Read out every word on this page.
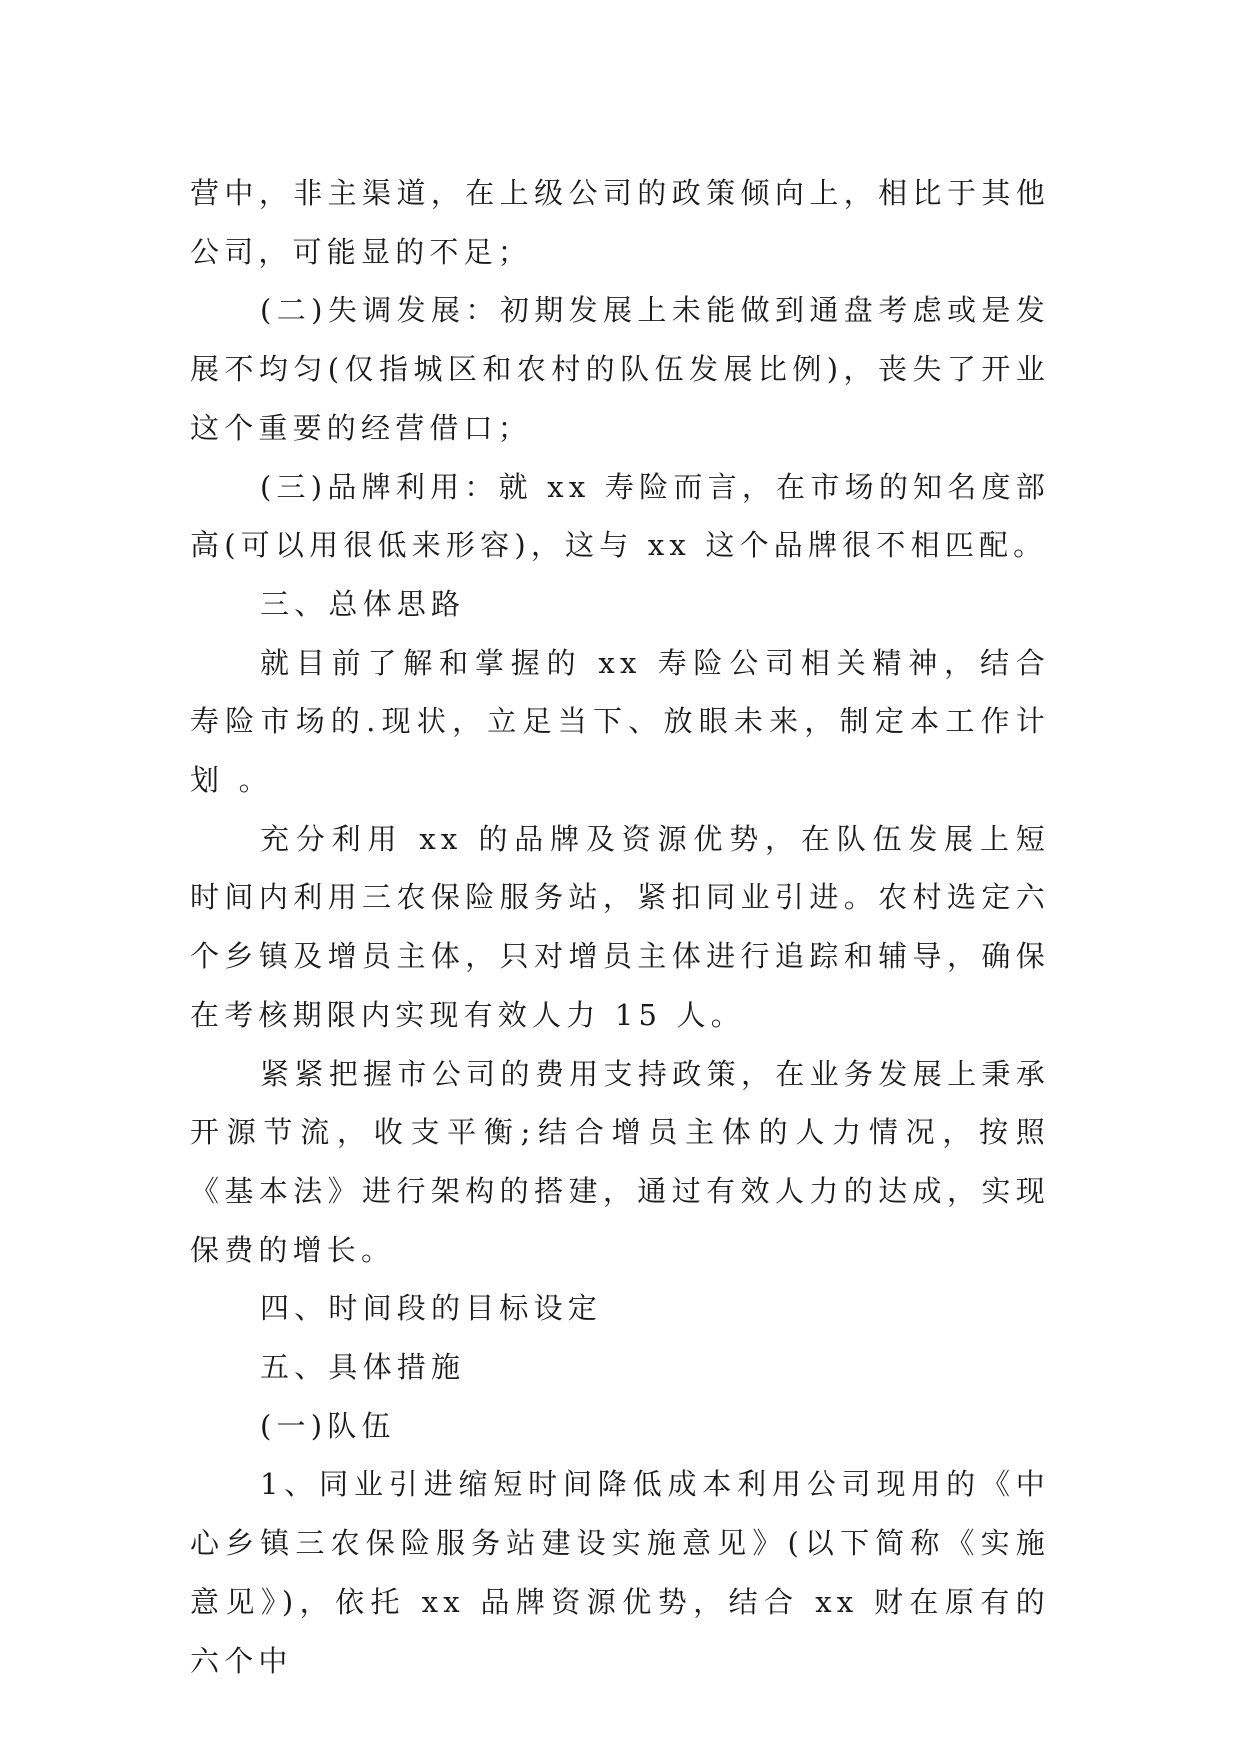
营中，非主渠道，在上级公司的政策倾向上，相比于其他公司，可能显的不足；

(二)失调发展：初期发展上未能做到通盘考虑或是发展不均匀(仅指城区和农村的队伍发展比例)，丧失了开业这个重要的经营借口；

(三)品牌利用：就 xx 寿险而言，在市场的知名度部高(可以用很低来形容)，这与 xx 这个品牌很不相匹配。

三、总体思路

就目前了解和掌握的 xx 寿险公司相关精神，结合寿险市场的.现状，立足当下、放眼未来，制定本工作计划 。

充分利用 xx 的品牌及资源优势，在队伍发展上短时间内利用三农保险服务站，紧扣同业引进。农村选定六个乡镇及增员主体，只对增员主体进行追踪和辅导，确保在考核期限内实现有效人力 15 人。

紧紧把握市公司的费用支持政策，在业务发展上秉承开源节流，收支平衡;结合增员主体的人力情况，按照《基本法》进行架构的搭建，通过有效人力的达成，实现保费的增长。

四、时间段的目标设定

五、具体措施

(一)队伍

1、同业引进缩短时间降低成本利用公司现用的《中心乡镇三农保险服务站建设实施意见》(以下简称《实施意见》)，依托 xx 品牌资源优势，结合 xx 财在原有的六个中
